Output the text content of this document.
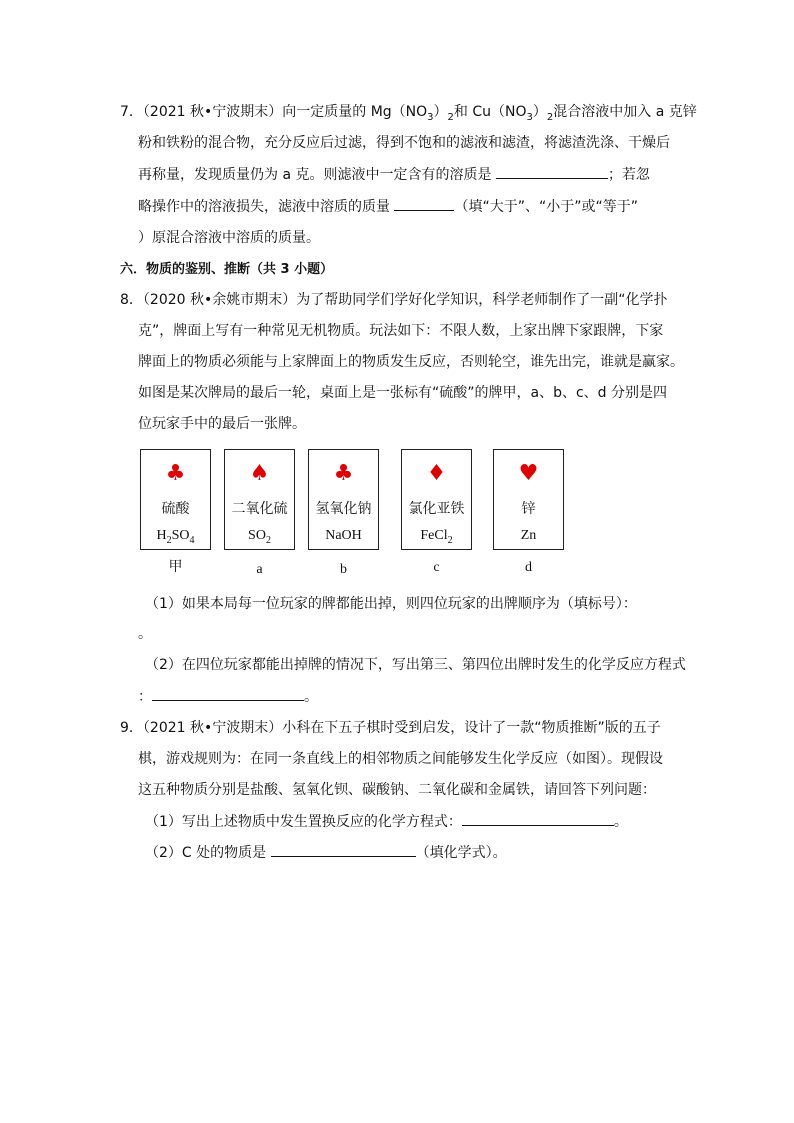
7．（2021 秋•宁波期末）向一定质量的 $Mg(NO_3)_2$和 $Cu(NO_3)_2$混合溶液中加入 a 克锌
粉和铁粉的混合物，充分反应后过滤，得到不饱和的滤液和滤渣，将滤渣洗涤、干燥后
再称量，发现质量仍为 a 克。则滤液中一定含有的溶质是	；若忽
略操作中的溶液损失，滤液中溶质的质量	（填“大于”、“小于”或“等于”
）原混合溶液中溶质的质量。
六．物质的鉴别、推断（共 3 小题）
8．（2020 秋•余姚市期末）为了帮助同学们学好化学知识，科学老师制作了一副“化学扑
克”，牌面上写有一种常见无机物质。玩法如下：不限人数，上家出牌下家跟牌，下家
牌面上的物质必须能与上家牌面上的物质发生反应，否则轮空，谁先出完，谁就是赢家。
如图是某次牌局的最后一轮，桌面上是一张标有“硫酸”的牌甲，a、b、c、d 分别是四
位玩家手中的最后一张牌。
♣
硫酸
$H_2SO_4$
♠
二氧化硫
$SO_2$
♣
氢氧化钠
NaOH
♦
氯化亚铁
FeCl$_2$
♥
锌
Zn
甲	a	b	c	d
（1）如果本局每一位玩家的牌都能出掉，则四位玩家的出牌顺序为（填标号）：
。
（2）在四位玩家都能出掉牌的情况下，写出第三、第四位出牌时发生的化学反应方程式
：	。
9．（2021 秋•宁波期末）小科在下五子棋时受到启发，设计了一款“物质推断”版的五子
棋，游戏规则为：在同一条直线上的相邻物质之间能够发生化学反应（如图）。现假设
这五种物质分别是盐酸、氢氧化钡、碳酸钠、二氧化碳和金属铁，请回答下列问题：
（1）写出上述物质中发生置换反应的化学方程式：	。
（2）C 处的物质是	（填化学式）。
